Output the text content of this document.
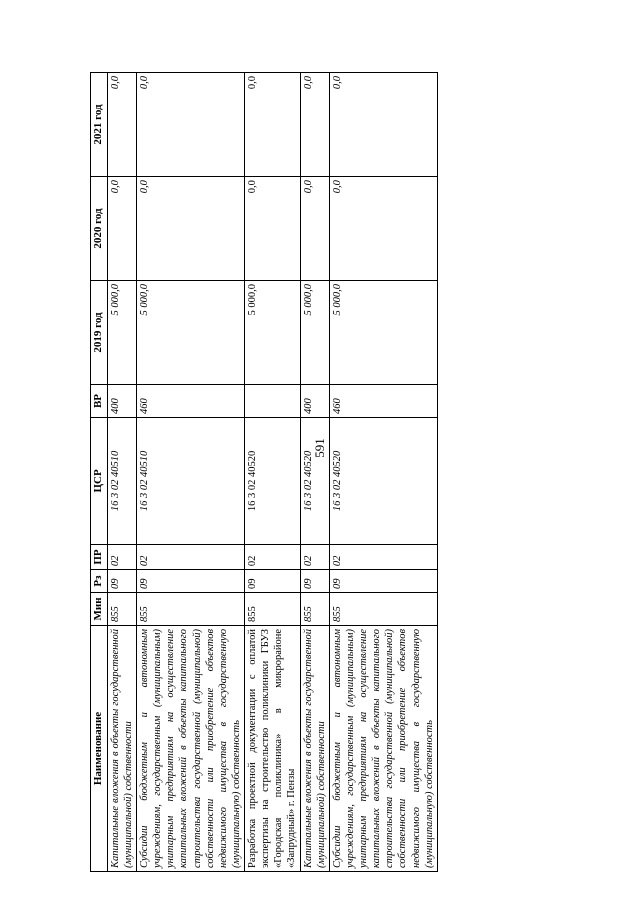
591
Наименование	Мин	Рз	ПР	ЦСР	ВР	2019 год	2020 год	2021 год
Капитальные вложения в объекты государственной (муниципальной) собственности	855	09	02	16 3 02 40510	400	5 000,0	0,0	0,0
Субсидии бюджетным и автономным учреждениям, государственным (муниципальным) унитарным предприятиям на осуществление капитальных вложений в объекты капитального строительства государственной (муниципальной) собственности или приобретение объектов недвижимого имущества в государственную (муниципальную) собственность	855	09	02	16 3 02 40510	460	5 000,0	0,0	0,0
Разработка проектной документации с оплатой экспертизы на строительство поликлиники ГБУЗ «Городская поликлиника» в микрорайоне «Запрудный» г. Пензы	855	09	02	16 3 02 40520		5 000,0	0,0	0,0
Капитальные вложения в объекты государственной (муниципальной) собственности	855	09	02	16 3 02 40520	400	5 000,0	0,0	0,0
Субсидии бюджетным и автономным учреждениям, государственным (муниципальным) унитарным предприятиям на осуществление капитальных вложений в объекты капитального строительства государственной (муниципальной) собственности или приобретение объектов недвижимого имущества в государственную (муниципальную) собственность	855	09	02	16 3 02 40520	460	5 000,0	0,0	0,0
